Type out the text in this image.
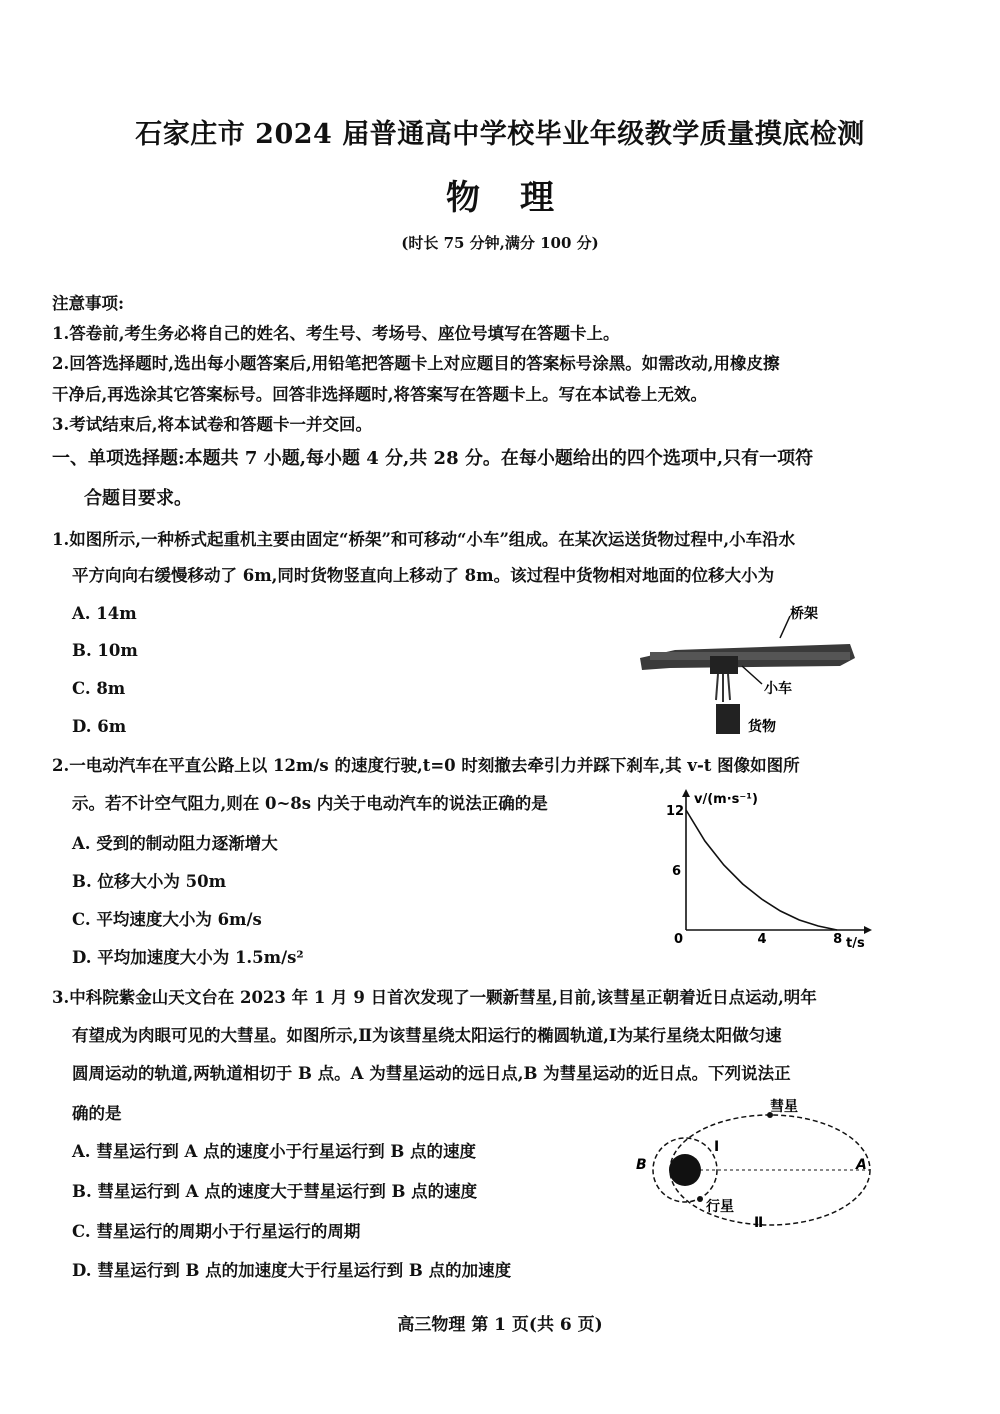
石家庄市 2024 届普通高中学校毕业年级教学质量摸底检测
物理
(时长 75 分钟,满分 100 分)
注意事项:
1.答卷前,考生务必将自己的姓名、考生号、考场号、座位号填写在答题卡上。
2.回答选择题时,选出每小题答案后,用铅笔把答题卡上对应题目的答案标号涂黑。如需改动,用橡皮擦
干净后,再选涂其它答案标号。回答非选择题时,将答案写在答题卡上。写在本试卷上无效。
3.考试结束后,将本试卷和答题卡一并交回。
一、单项选择题:本题共 7 小题,每小题 4 分,共 28 分。在每小题给出的四个选项中,只有一项符
合题目要求。
1.如图所示,一种桥式起重机主要由固定“桥架”和可移动“小车”组成。在某次运送货物过程中,小车沿水
平方向向右缓慢移动了 6m,同时货物竖直向上移动了 8m。该过程中货物相对地面的位移大小为
A. 14m
B. 10m
C. 8m
D. 6m
桥架
小车
货物
2.一电动汽车在平直公路上以 12m/s 的速度行驶,t=0 时刻撤去牵引力并踩下刹车,其 v-t 图像如图所
示。若不计空气阻力,则在 0~8s 内关于电动汽车的说法正确的是
A. 受到的制动阻力逐渐增大
B. 位移大小为 50m
C. 平均速度大小为 6m/s
D. 平均加速度大小为 1.5m/s²
v/(m·s⁻¹)
t/s
0
12
6
4	8
3.中科院紫金山天文台在 2023 年 1 月 9 日首次发现了一颗新彗星,目前,该彗星正朝着近日点运动,明年
有望成为肉眼可见的大彗星。如图所示,Ⅱ为该彗星绕太阳运行的椭圆轨道,Ⅰ为某行星绕太阳做匀速
圆周运动的轨道,两轨道相切于 B 点。A 为彗星运动的远日点,B 为彗星运动的近日点。下列说法正
确的是
A. 彗星运行到 A 点的速度小于行星运行到 B 点的速度
B. 彗星运行到 A 点的速度大于彗星运行到 B 点的速度
C. 彗星运行的周期小于行星运行的周期
D. 彗星运行到 B 点的加速度大于行星运行到 B 点的加速度
彗星
行星
Ⅰ
Ⅱ
A
B
高三物理 第 1 页(共 6 页)
